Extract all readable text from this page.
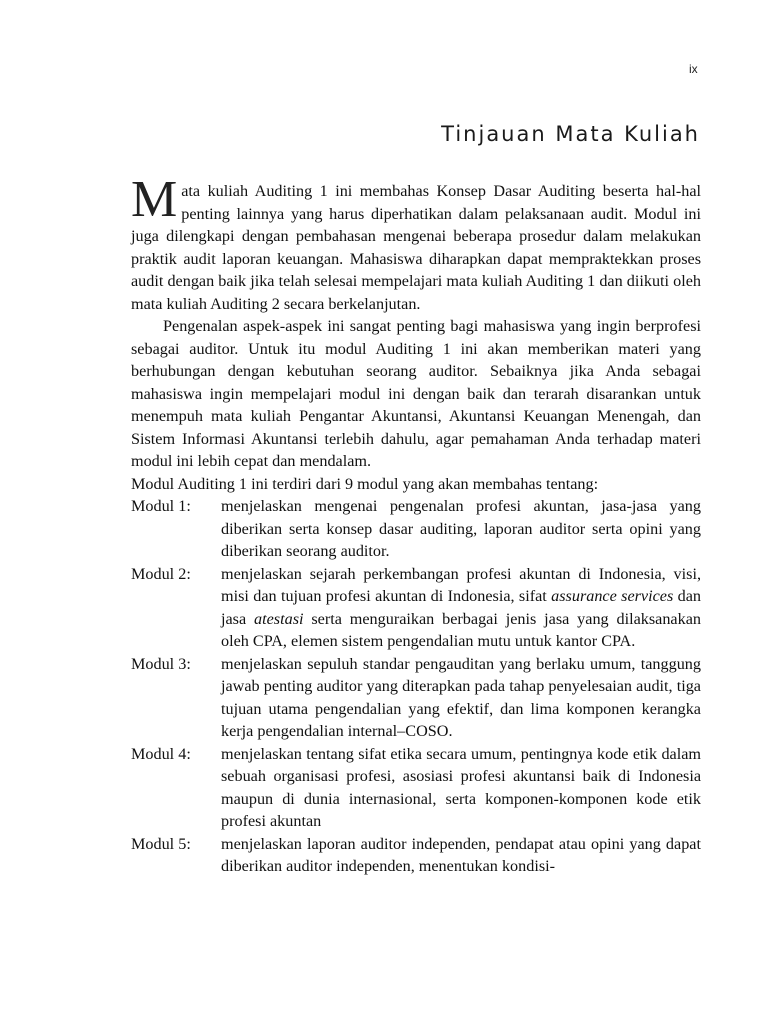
ix
Tinjauan Mata Kuliah

Mata kuliah Auditing 1 ini membahas Konsep Dasar Auditing beserta hal-hal penting lainnya yang harus diperhatikan dalam pelaksanaan audit. Modul ini juga dilengkapi dengan pembahasan mengenai beberapa prosedur dalam melakukan praktik audit laporan keuangan. Mahasiswa diharapkan dapat mempraktekkan proses audit dengan baik jika telah selesai mempelajari mata kuliah Auditing 1 dan diikuti oleh mata kuliah Auditing 2 secara berkelanjutan.

Pengenalan aspek-aspek ini sangat penting bagi mahasiswa yang ingin berprofesi sebagai auditor. Untuk itu modul Auditing 1 ini akan memberikan materi yang berhubungan dengan kebutuhan seorang auditor. Sebaiknya jika Anda sebagai mahasiswa ingin mempelajari modul ini dengan baik dan terarah disarankan untuk menempuh mata kuliah Pengantar Akuntansi, Akuntansi Keuangan Menengah, dan Sistem Informasi Akuntansi terlebih dahulu, agar pemahaman Anda terhadap materi modul ini lebih cepat dan mendalam.

Modul Auditing 1 ini terdiri dari 9 modul yang akan membahas tentang:

Modul 1:	menjelaskan mengenai pengenalan profesi akuntan, jasa-jasa yang diberikan serta konsep dasar auditing, laporan auditor serta opini yang diberikan seorang auditor.
Modul 2:	menjelaskan sejarah perkembangan profesi akuntan di Indonesia, visi, misi dan tujuan profesi akuntan di Indonesia, sifat assurance services dan jasa atestasi serta menguraikan berbagai jenis jasa yang dilaksanakan oleh CPA, elemen sistem pengendalian mutu untuk kantor CPA.
Modul 3:	menjelaskan sepuluh standar pengauditan yang berlaku umum, tanggung jawab penting auditor yang diterapkan pada tahap penyelesaian audit, tiga tujuan utama pengendalian yang efektif, dan lima komponen kerangka kerja pengendalian internal–COSO.
Modul 4:	menjelaskan tentang sifat etika secara umum, pentingnya kode etik dalam sebuah organisasi profesi, asosiasi profesi akuntansi baik di Indonesia maupun di dunia internasional, serta komponen-komponen kode etik profesi akuntan
Modul 5:	menjelaskan laporan auditor independen, pendapat atau opini yang dapat diberikan auditor independen, menentukan kondisi-
